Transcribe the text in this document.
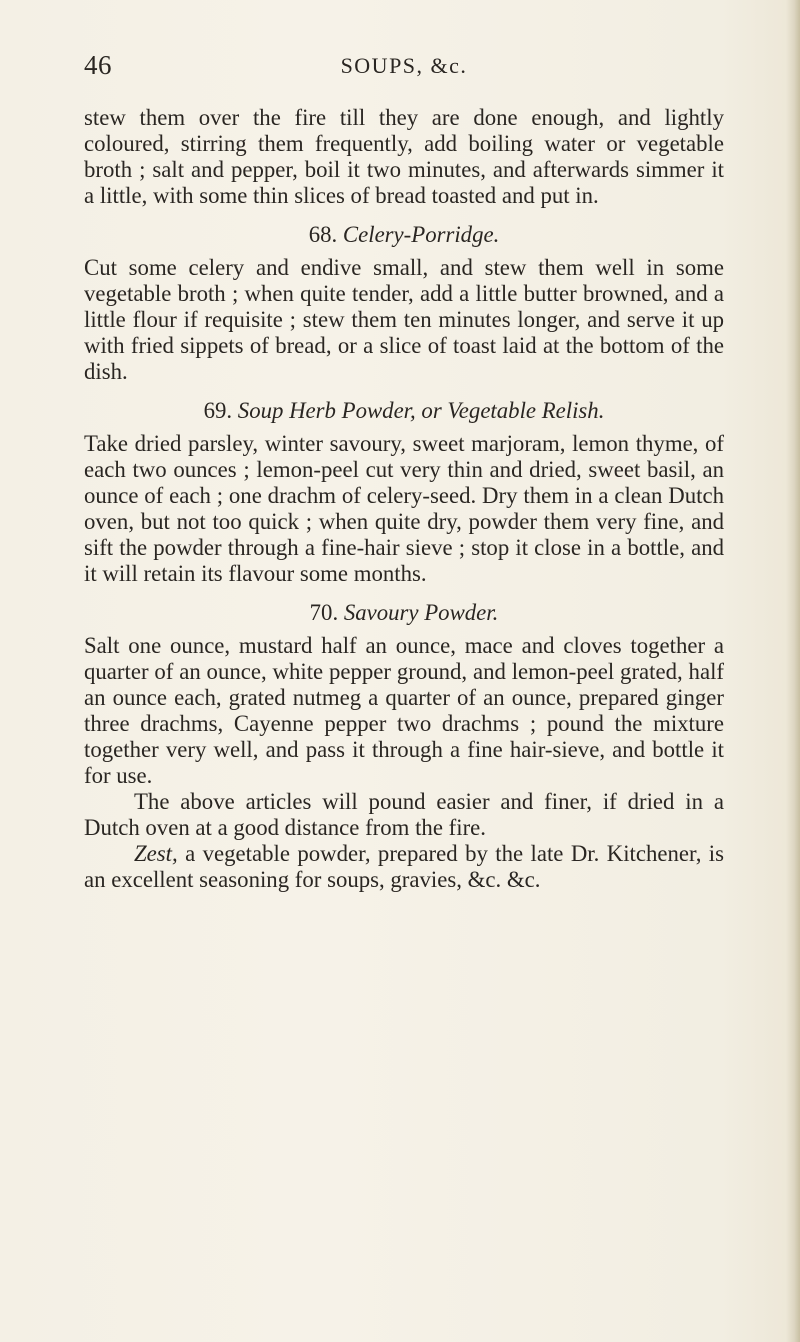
46	SOUPS, &c.

stew them over the fire till they are done enough, and lightly coloured, stirring them frequently, add boiling water or vegetable broth ; salt and pepper, boil it two minutes, and afterwards simmer it a little, with some thin slices of bread toasted and put in.

68. Celery-Porridge.

Cut some celery and endive small, and stew them well in some vegetable broth ; when quite tender, add a little butter browned, and a little flour if requisite ; stew them ten minutes longer, and serve it up with fried sippets of bread, or a slice of toast laid at the bottom of the dish.

69. Soup Herb Powder, or Vegetable Relish.

Take dried parsley, winter savoury, sweet marjoram, lemon thyme, of each two ounces ; lemon-peel cut very thin and dried, sweet basil, an ounce of each ; one drachm of celery-seed. Dry them in a clean Dutch oven, but not too quick ; when quite dry, powder them very fine, and sift the powder through a fine-hair sieve ; stop it close in a bottle, and it will retain its flavour some months.

70. Savoury Powder.

Salt one ounce, mustard half an ounce, mace and cloves together a quarter of an ounce, white pepper ground, and lemon-peel grated, half an ounce each, grated nutmeg a quarter of an ounce, prepared ginger three drachms, Cayenne pepper two drachms ; pound the mixture together very well, and pass it through a fine hair-sieve, and bottle it for use.

The above articles will pound easier and finer, if dried in a Dutch oven at a good distance from the fire.

Zest, a vegetable powder, prepared by the late Dr. Kitchener, is an excellent seasoning for soups, gravies, &c. &c.
